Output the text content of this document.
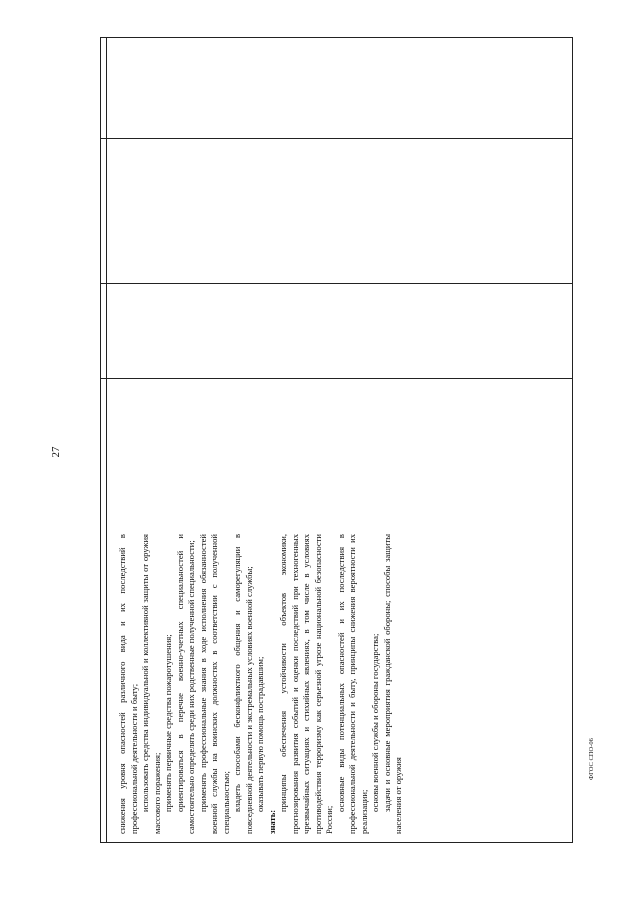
27

снижения уровня опасностей различного вида и их последствий в профессиональной деятельности и быту; использовать средства индивидуальной и коллективной защиты от оружия массового поражения; применять первичные средства пожаротушения; ориентироваться в перечне военно-учетных специальностей и самостоятельно определять среди них родственные полученной специальности; применять профессиональные знания в ходе исполнения обязанностей военной службы на воинских должностях в соответствии с полученной специальностью; владеть способами бесконфликтного общения и саморегуляции в повседневной деятельности и экстремальных условиях военной службы; оказывать первую помощь пострадавшим;

знать:

принципы обеспечения устойчивости объектов экономики, прогнозирования развития событий и оценки последствий при техногенных чрезвычайных ситуациях и стихийных явлениях, в том числе в условиях противодействия терроризму как серьезной угрозе национальной безопасности России;

основные виды потенциальных опасностей и их последствия в профессиональной деятельности и быту, принципы снижения вероятности их реализации; основы военной службы и обороны государства; задачи и основные мероприятия гражданской обороны; способы защиты населения от оружия	ФГОС СПО-06
